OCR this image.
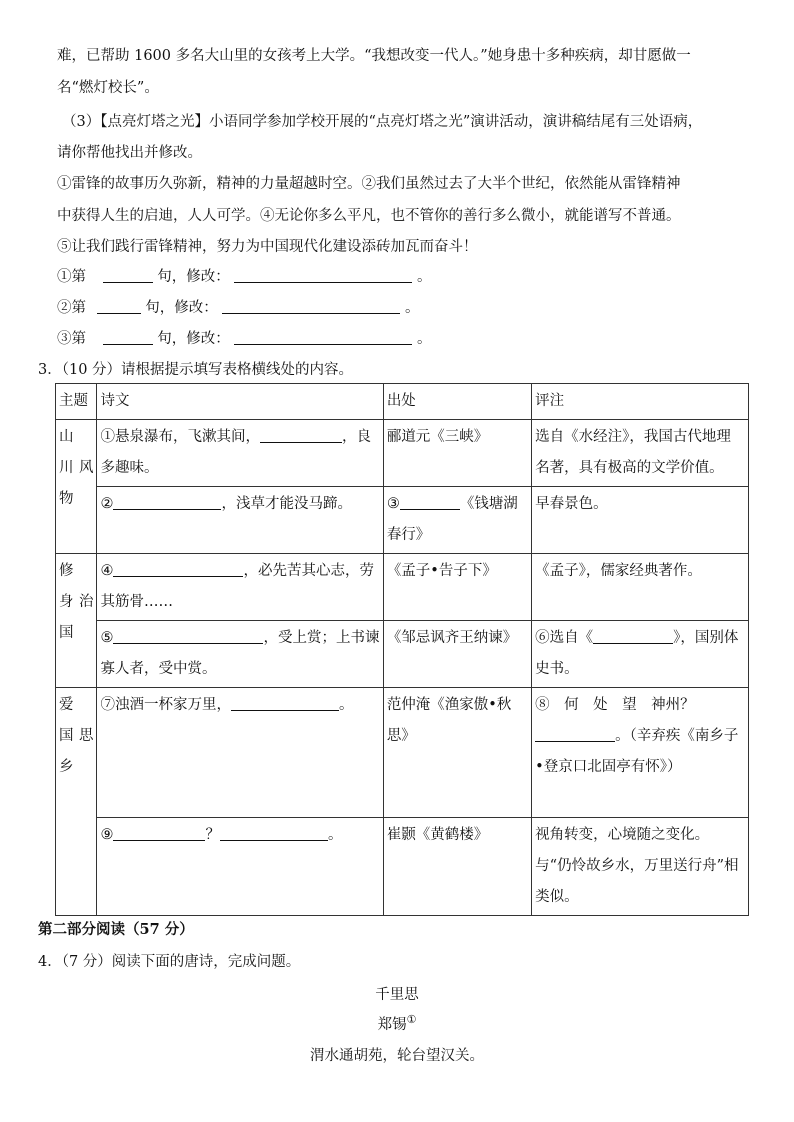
难，已帮助 1600 多名大山里的女孩考上大学。“我想改变一代人。”她身患十多种疾病，却甘愿做一
名“燃灯校长”。
（3）【点亮灯塔之光】小语同学参加学校开展的“点亮灯塔之光”演讲活动，演讲稿结尾有三处语病，
请你帮他找出并修改。
①雷锋的故事历久弥新，精神的力量超越时空。②我们虽然过去了大半个世纪，依然能从雷锋精神
中获得人生的启迪，人人可学。④无论你多么平凡，也不管你的善行多么微小，就能谱写不普通。
⑤让我们践行雷锋精神，努力为中国现代化建设添砖加瓦而奋斗！
①第	句，修改：	。
②第	句，修改：	。
③第	句，修改：	。
3．（10 分）请根据提示填写表格横线处的内容。
主题	诗文	出处	评注

山　川风物	①悬泉瀑布，飞漱其间， ，良多趣味。	郦道元《三峡》	选自《水经注》，我国古代地理名著，具有极高的文学价值。
	② ，浅草才能没马蹄。	③ 《钱塘湖春行》	早春景色。

修　身治国	④ ，必先苦其心志，劳其筋骨……	《孟子•告子下》	《孟子》，儒家经典著作。
	⑤ ，受上赏；上书谏寡人者，受中赏。	《邹忌讽齐王纳谏》	⑥选自《 》，国别体史书。

爱　国思乡	⑦浊酒一杯家万里， 。	范仲淹《渔家傲•秋思》	⑧　何　处　望　神州？。（辛弃疾《南乡子•登京口北固亭有怀》）
	⑨ ？ 。	崔颢《黄鹤楼》	视角转变，心境随之变化。与“仍怜故乡水，万里送行舟”相类似。
第二部分阅读（57 分）
4．（7 分）阅读下面的唐诗，完成问题。
千里思
郑锡①
渭水通胡苑，轮台望汉关。
